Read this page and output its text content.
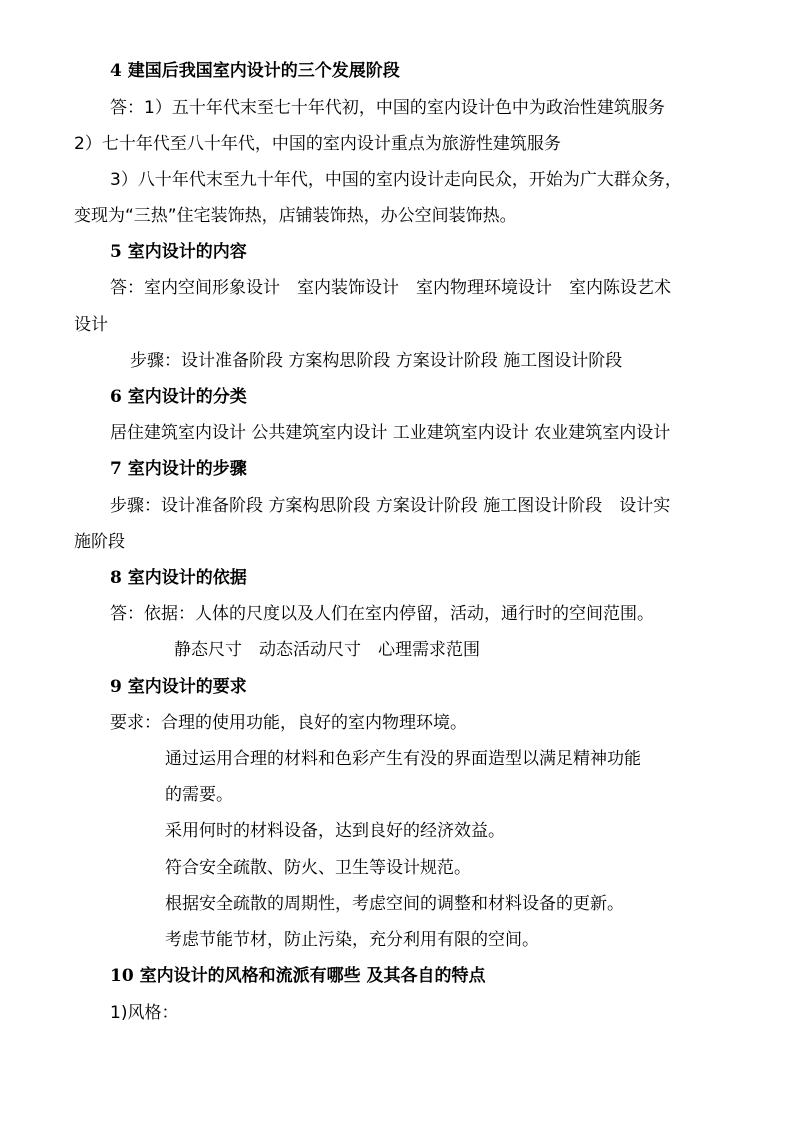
4 建国后我国室内设计的三个发展阶段
答：1）五十年代末至七十年代初，中国的室内设计色中为政治性建筑服务
2）七十年代至八十年代，中国的室内设计重点为旅游性建筑服务
3）八十年代末至九十年代，中国的室内设计走向民众，开始为广大群众务，
变现为“三热”住宅装饰热，店铺装饰热，办公空间装饰热。
5 室内设计的内容
答：室内空间形象设计　室内装饰设计　室内物理环境设计　室内陈设艺术
设计
步骤：设计准备阶段 方案构思阶段 方案设计阶段 施工图设计阶段
6 室内设计的分类
居住建筑室内设计 公共建筑室内设计 工业建筑室内设计 农业建筑室内设计
7 室内设计的步骤
步骤：设计准备阶段 方案构思阶段 方案设计阶段 施工图设计阶段　设计实
施阶段
8 室内设计的依据
答：依据：人体的尺度以及人们在室内停留，活动，通行时的空间范围。
静态尺寸　动态活动尺寸　心理需求范围
9 室内设计的要求
要求：合理的使用功能，良好的室内物理环境。
通过运用合理的材料和色彩产生有没的界面造型以满足精神功能
的需要。
采用何时的材料设备，达到良好的经济效益。
符合安全疏散、防火、卫生等设计规范。
根据安全疏散的周期性，考虑空间的调整和材料设备的更新。
考虑节能节材，防止污染，充分利用有限的空间。
10 室内设计的风格和流派有哪些 及其各自的特点
1)风格：
